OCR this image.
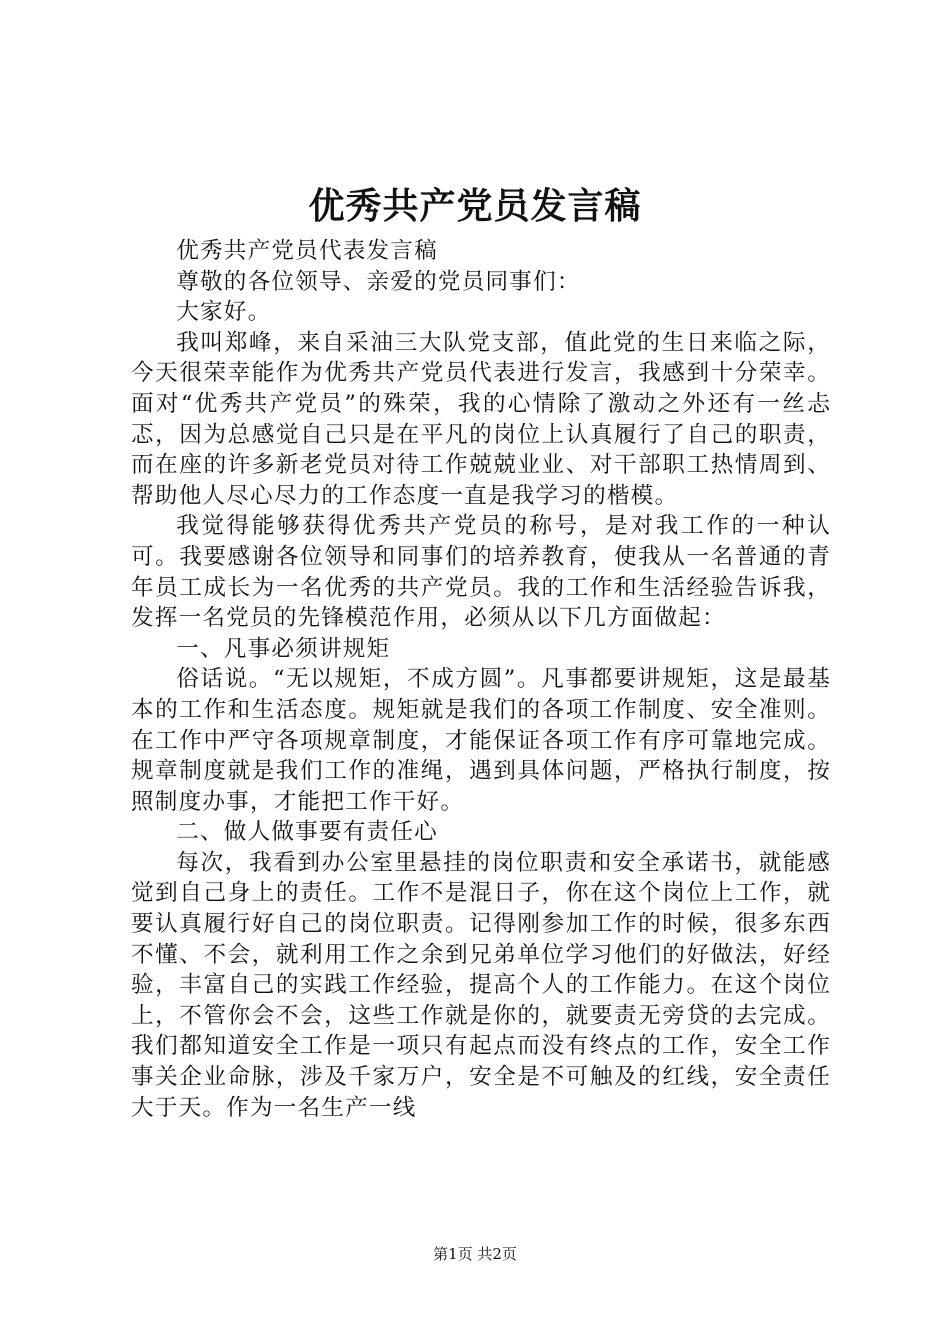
优秀共产党员发言稿

优秀共产党员代表发言稿

尊敬的各位领导、亲爱的党员同事们：

大家好。

我叫郑峰，来自采油三大队党支部，值此党的生日来临之际，今天很荣幸能作为优秀共产党员代表进行发言，我感到十分荣幸。面对“优秀共产党员”的殊荣，我的心情除了激动之外还有一丝忐忑，因为总感觉自己只是在平凡的岗位上认真履行了自己的职责，而在座的许多新老党员对待工作兢兢业业、对干部职工热情周到、帮助他人尽心尽力的工作态度一直是我学习的楷模。

我觉得能够获得优秀共产党员的称号，是对我工作的一种认可。我要感谢各位领导和同事们的培养教育，使我从一名普通的青年员工成长为一名优秀的共产党员。我的工作和生活经验告诉我，发挥一名党员的先锋模范作用，必须从以下几方面做起：

一、凡事必须讲规矩

俗话说。“无以规矩，不成方圆”。凡事都要讲规矩，这是最基本的工作和生活态度。规矩就是我们的各项工作制度、安全准则。在工作中严守各项规章制度，才能保证各项工作有序可靠地完成。规章制度就是我们工作的准绳，遇到具体问题，严格执行制度，按照制度办事，才能把工作干好。

二、做人做事要有责任心

每次，我看到办公室里悬挂的岗位职责和安全承诺书，就能感觉到自己身上的责任。工作不是混日子，你在这个岗位上工作，就要认真履行好自己的岗位职责。记得刚参加工作的时候，很多东西不懂、不会，就利用工作之余到兄弟单位学习他们的好做法，好经验，丰富自己的实践工作经验，提高个人的工作能力。在这个岗位上，不管你会不会，这些工作就是你的，就要责无旁贷的去完成。我们都知道安全工作是一项只有起点而没有终点的工作，安全工作事关企业命脉，涉及千家万户，安全是不可触及的红线，安全责任大于天。作为一名生产一线

第1页 共2页
